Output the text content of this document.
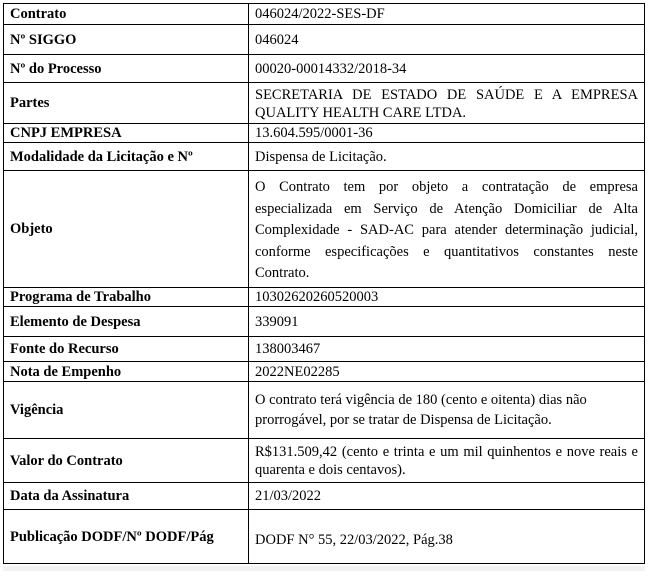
Contrato	046024/2022-SES-DF
Nº SIGGO	046024
Nº do Processo	00020-00014332/2018-34
Partes	SECRETARIA DE ESTADO DE SAÚDE E A EMPRESA QUALITY HEALTH CARE LTDA.
CNPJ EMPRESA	13.604.595/0001-36
Modalidade da Licitação e Nº	Dispensa de Licitação.
Objeto	O Contrato tem por objeto a contratação de empresa especializada em Serviço de Atenção Domiciliar de Alta Complexidade - SAD-AC para atender determinação judicial, conforme especificações e quantitativos constantes neste Contrato.
Programa de Trabalho	10302620260520003
Elemento de Despesa	339091
Fonte do Recurso	138003467
Nota de Empenho	2022NE02285
Vigência	O contrato terá vigência de 180 (cento e oitenta) dias não prorrogável, por se tratar de Dispensa de Licitação.
Valor do Contrato	R$131.509,42 (cento e trinta e um mil quinhentos e nove reais e quarenta e dois centavos).
Data da Assinatura	21/03/2022
Publicação DODF/Nº DODF/Pág	DODF N° 55, 22/03/2022, Pág.38
